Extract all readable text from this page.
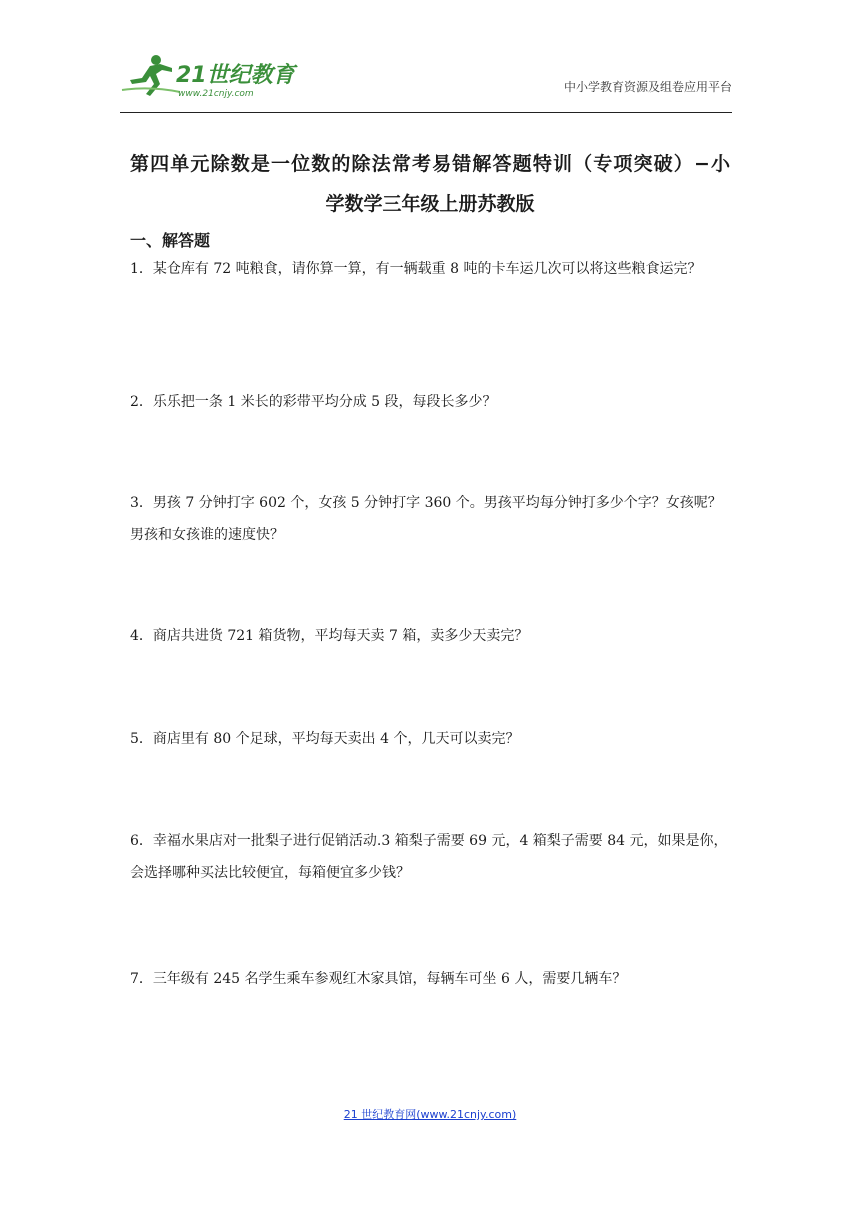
21世纪教育
www.21cnjy.com	中小学教育资源及组卷应用平台
第四单元除数是一位数的除法常考易错解答题特训（专项突破）−小
学数学三年级上册苏教版
一、解答题
1．某仓库有 72 吨粮食，请你算一算，有一辆载重 8 吨的卡车运几次可以将这些粮食运完？
2．乐乐把一条 1 米长的彩带平均分成 5 段，每段长多少？
3．男孩 7 分钟打字 602 个，女孩 5 分钟打字 360 个。男孩平均每分钟打多少个字？女孩呢？男孩和女孩谁的速度快？
4．商店共进货 721 箱货物，平均每天卖 7 箱，卖多少天卖完？
5．商店里有 80 个足球，平均每天卖出 4 个，几天可以卖完？
6．幸福水果店对一批梨子进行促销活动.3 箱梨子需要 69 元，4 箱梨子需要 84 元，如果是你，会选择哪种买法比较便宜，每箱便宜多少钱？
7．三年级有 245 名学生乘车参观红木家具馆，每辆车可坐 6 人，需要几辆车？
21 世纪教育网(www.21cnjy.com)
